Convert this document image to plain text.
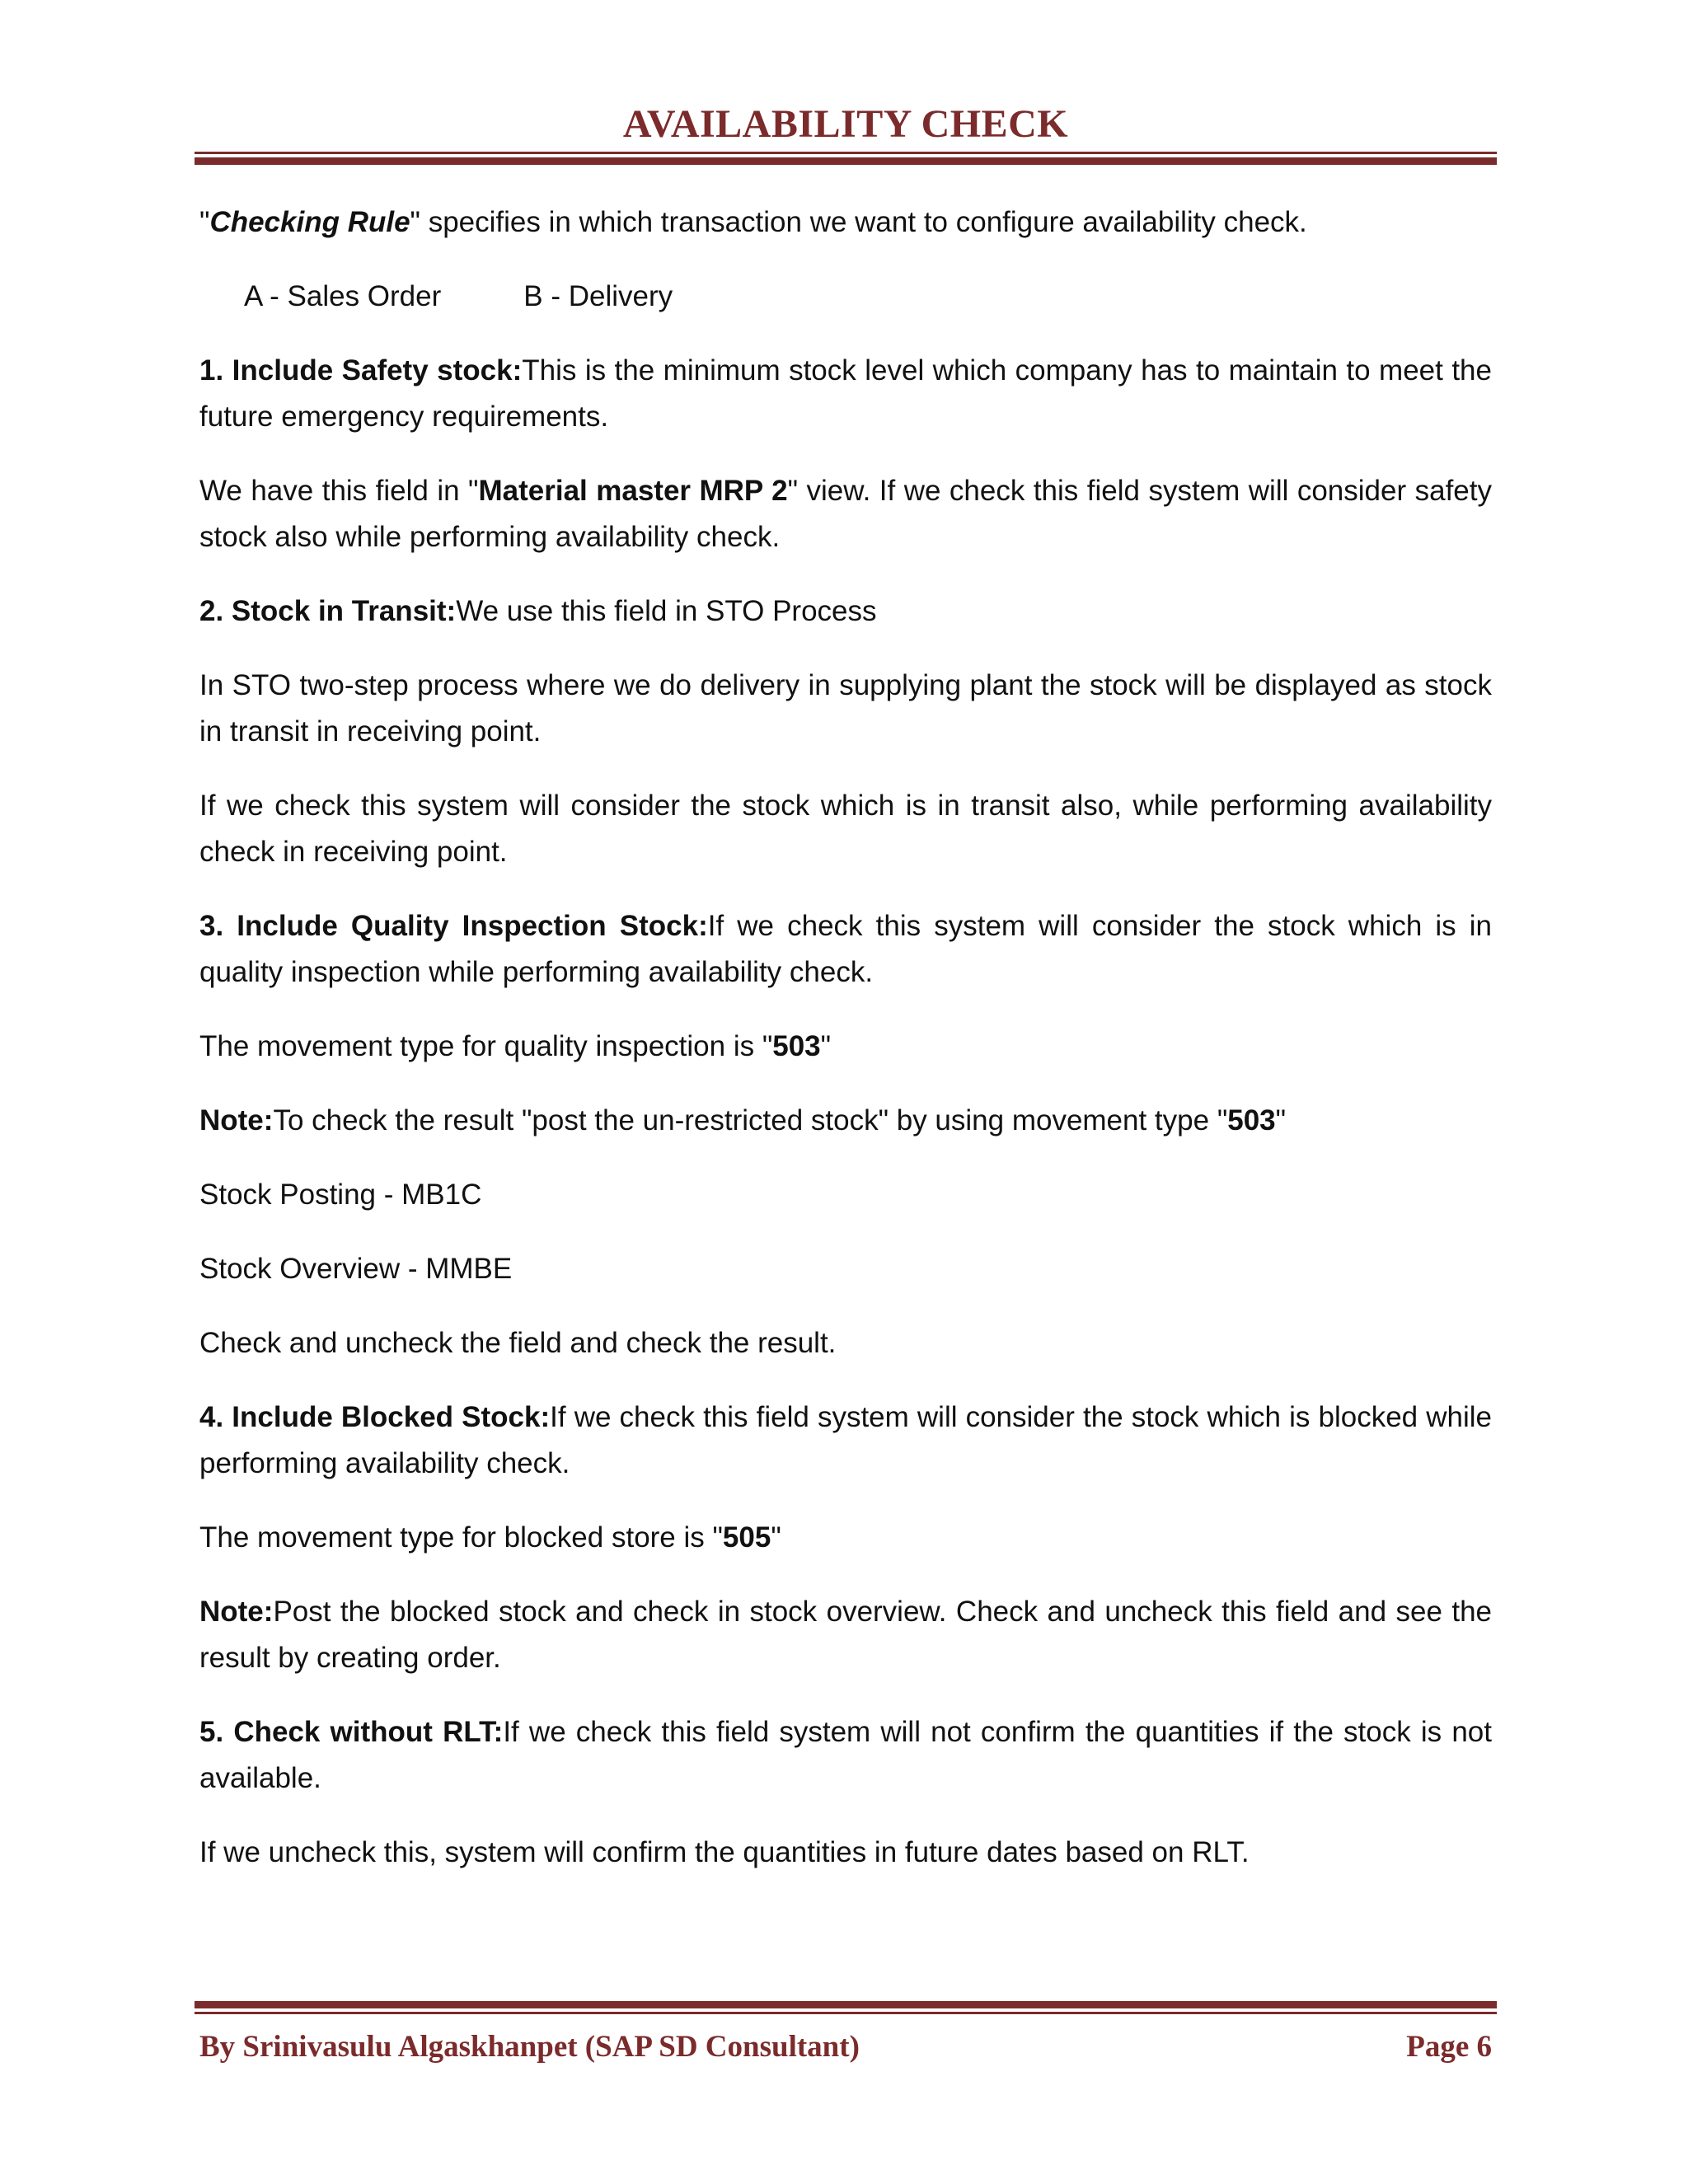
AVAILABILITY CHECK

"Checking Rule" specifies in which transaction we want to configure availability check.

A - Sales Order	B - Delivery

1. Include Safety stock:This is the minimum stock level which company has to maintain to meet the future emergency requirements.

We have this field in "Material master MRP 2" view. If we check this field system will consider safety stock also while performing availability check.

2. Stock in Transit:We use this field in STO Process

In STO two-step process where we do delivery in supplying plant the stock will be displayed as stock in transit in receiving point.

If we check this system will consider the stock which is in transit also, while performing availability check in receiving point.

3. Include Quality Inspection Stock:If we check this system will consider the stock which is in quality inspection while performing availability check.

The movement type for quality inspection is "503"

Note:To check the result "post the un-restricted stock" by using movement type "503"

Stock Posting - MB1C

Stock Overview - MMBE

Check and uncheck the field and check the result.

4. Include Blocked Stock:If we check this field system will consider the stock which is blocked while performing availability check.

The movement type for blocked store is "505"

Note:Post the blocked stock and check in stock overview. Check and uncheck this field and see the result by creating order.

5. Check without RLT:If we check this field system will not confirm the quantities if the stock is not available.

If we uncheck this, system will confirm the quantities in future dates based on RLT.

By Srinivasulu Algaskhanpet (SAP SD Consultant)	Page 6
